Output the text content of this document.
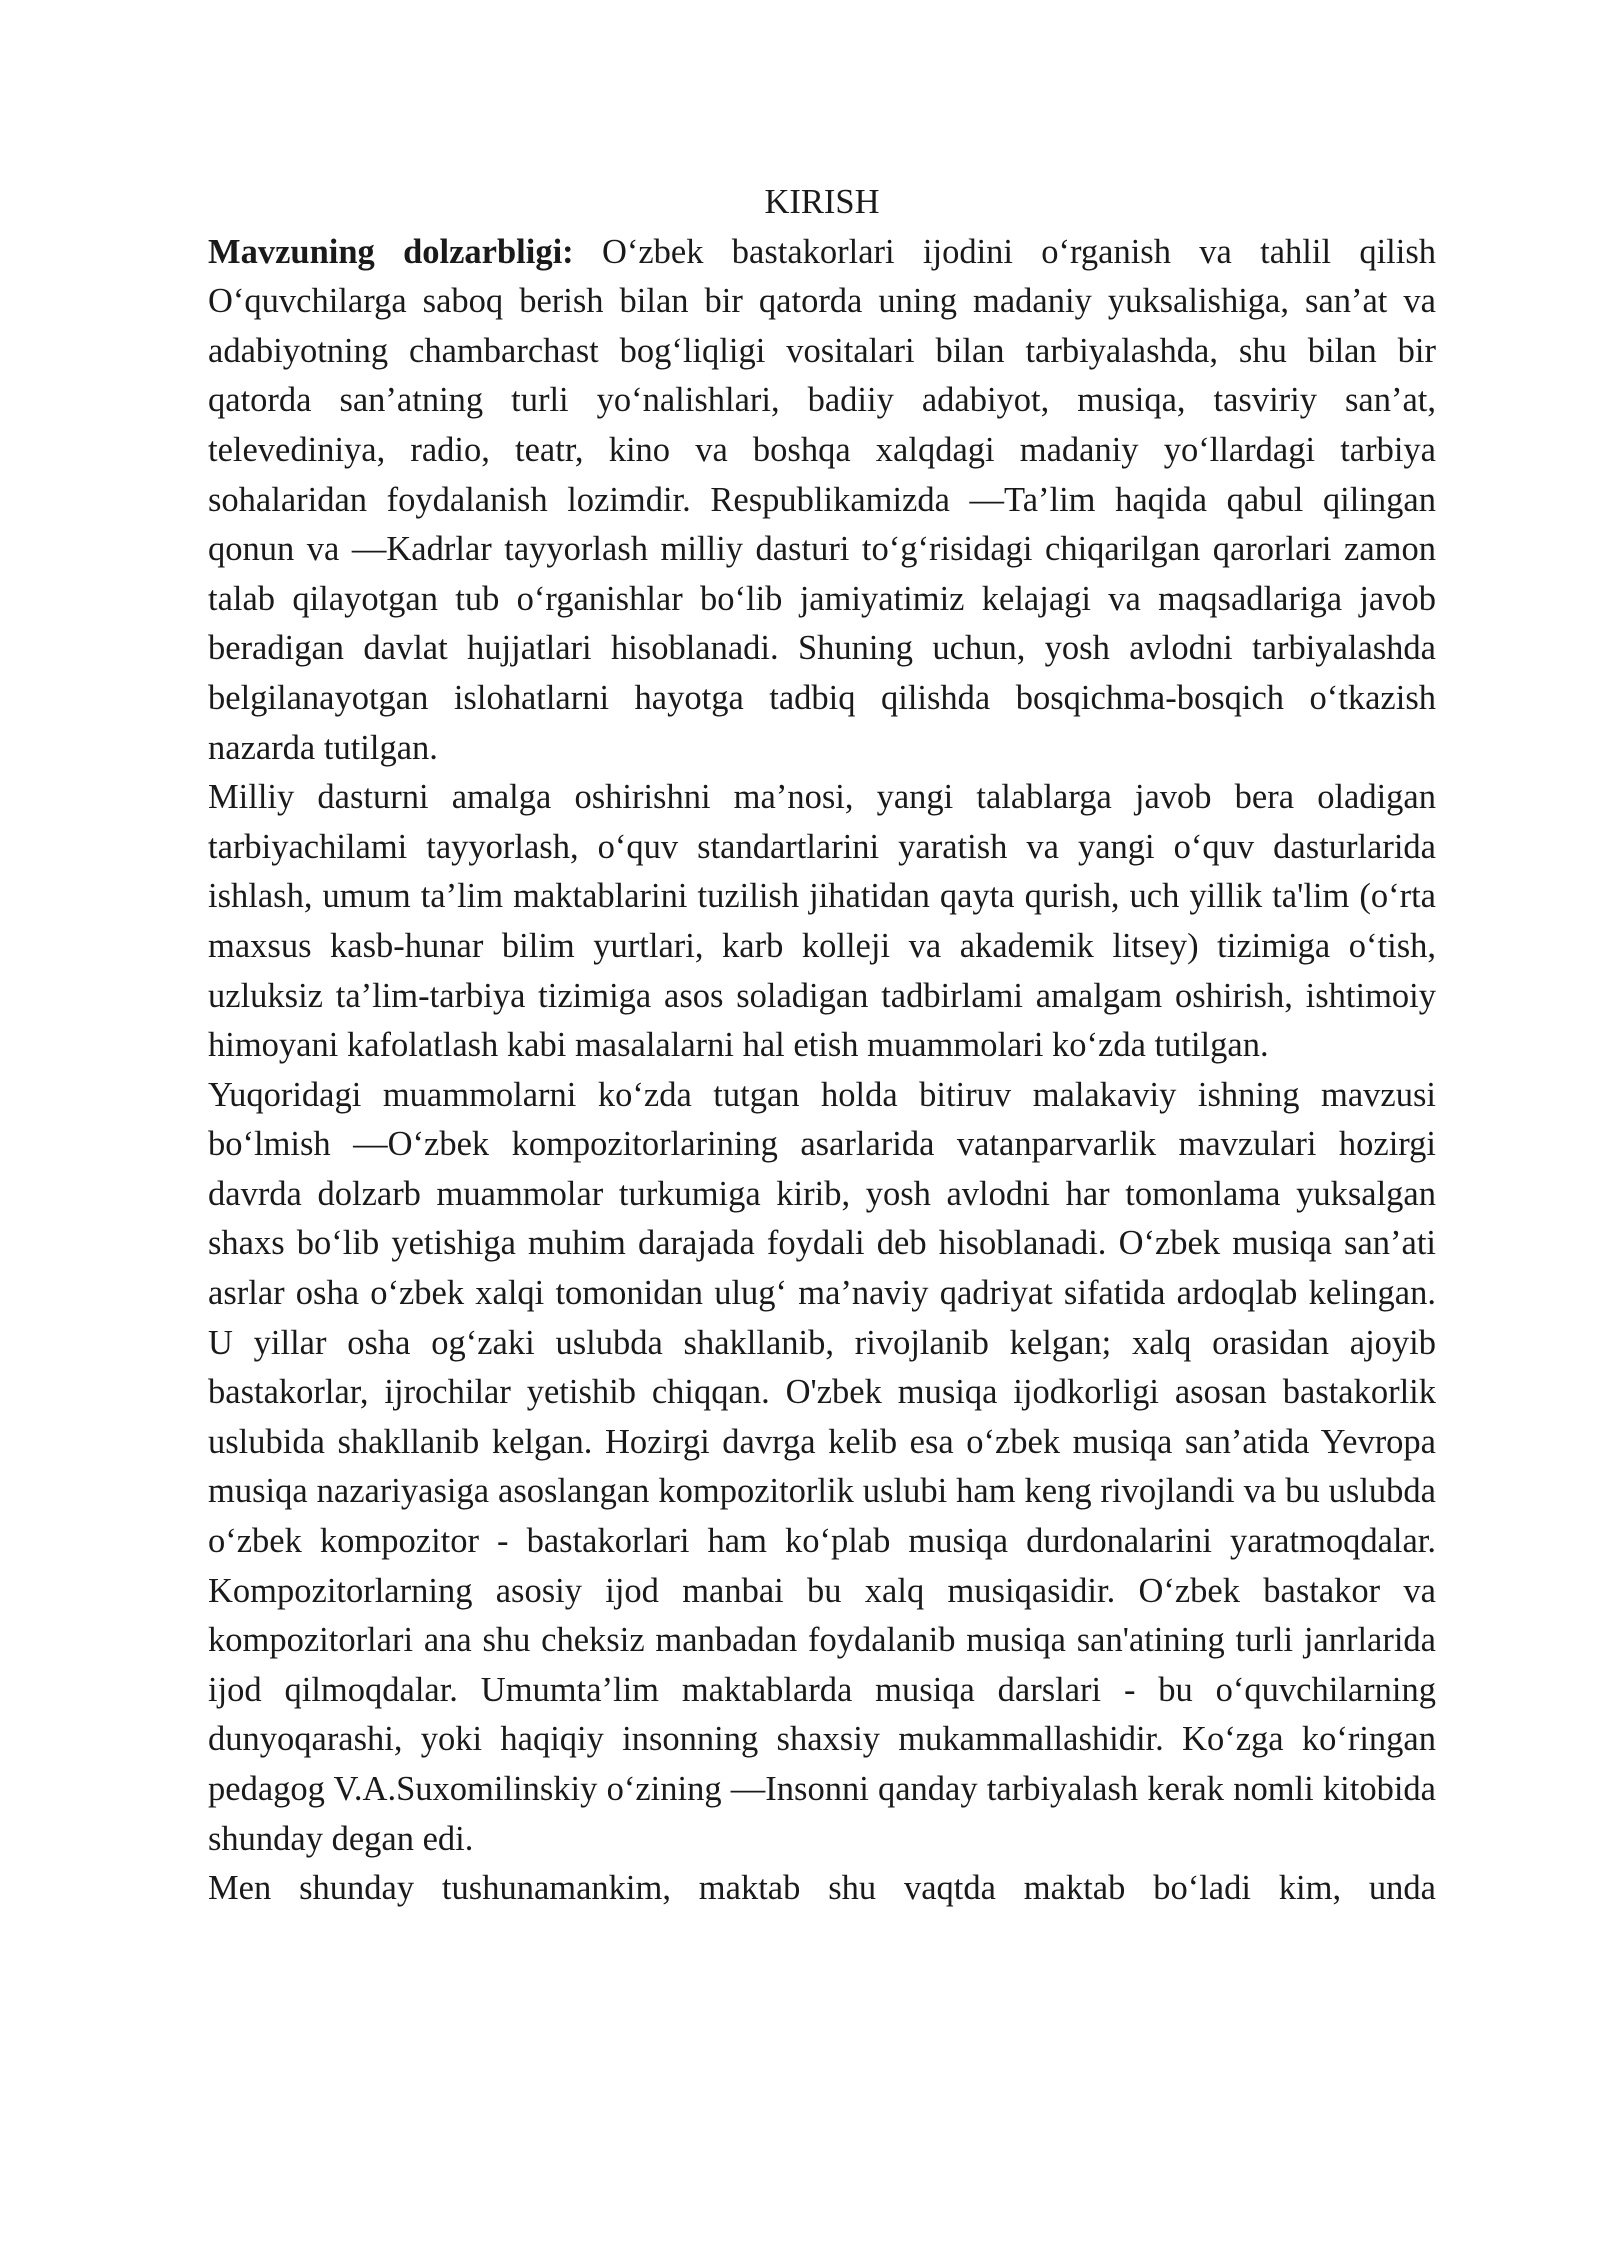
KIRISH

Mavzuning dolzarbligi: O‘zbek bastakorlari ijodini o‘rganish va tahlil qilish O‘quvchilarga saboq berish bilan bir qatorda uning madaniy yuksalishiga, san’at va adabiyotning chambarchast bog‘liqligi vositalari bilan tarbiyalashda, shu bilan bir qatorda san’atning turli yo‘nalishlari, badiiy adabiyot, musiqa, tasviriy san’at, televediniya, radio, teatr, kino va boshqa xalqdagi madaniy yo‘llardagi tarbiya sohalaridan foydalanish lozimdir. Respublikamizda —Ta’lim haqida qabul qilingan qonun va —Kadrlar tayyorlash milliy dasturi to‘g‘risidagi chiqarilgan qarorlari zamon talab qilayotgan tub o‘rganishlar bo‘lib jamiyatimiz kelajagi va maqsadlariga javob beradigan davlat hujjatlari hisoblanadi. Shuning uchun, yosh avlodni tarbiyalashda belgilanayotgan islohatlarni hayotga tadbiq qilishda bosqichma-bosqich o‘tkazish nazarda tutilgan.

Milliy dasturni amalga oshirishni ma’nosi, yangi talablarga javob bera oladigan tarbiyachilami tayyorlash, o‘quv standartlarini yaratish va yangi o‘quv dasturlarida ishlash, umum ta’lim maktablarini tuzilish jihatidan qayta qurish, uch yillik ta'lim (o‘rta maxsus kasb-hunar bilim yurtlari, karb kolleji va akademik litsey) tizimiga o‘tish, uzluksiz ta’lim-tarbiya tizimiga asos soladigan tadbirlami amalgam oshirish, ishtimoiy himoyani kafolatlash kabi masalalarni hal etish muammolari ko‘zda tutilgan.

Yuqoridagi muammolarni ko‘zda tutgan holda bitiruv malakaviy ishning mavzusi bo‘lmish —O‘zbek kompozitorlarining asarlarida vatanparvarlik mavzulari hozirgi davrda dolzarb muammolar turkumiga kirib, yosh avlodni har tomonlama yuksalgan shaxs bo‘lib yetishiga muhim darajada foydali deb hisoblanadi. O‘zbek musiqa san’ati asrlar osha o‘zbek xalqi tomonidan ulug‘ ma’naviy qadriyat sifatida ardoqlab kelingan. U yillar osha og‘zaki uslubda shakllanib, rivojlanib kelgan; xalq orasidan ajoyib bastakorlar, ijrochilar yetishib chiqqan. O'zbek musiqa ijodkorligi asosan bastakorlik uslubida shakllanib kelgan. Hozirgi davrga kelib esa o‘zbek musiqa san’atida Yevropa musiqa nazariyasiga asoslangan kompozitorlik uslubi ham keng rivojlandi va bu uslubda o‘zbek kompozitor - bastakorlari ham ko‘plab musiqa durdonalarini yaratmoqdalar. Kompozitorlarning asosiy ijod manbai bu xalq musiqasidir. O‘zbek bastakor va kompozitorlari ana shu cheksiz manbadan foydalanib musiqa san'atining turli janrlarida ijod qilmoqdalar. Umumta’lim maktablarda musiqa darslari - bu o‘quvchilarning dunyoqarashi, yoki haqiqiy insonning shaxsiy mukammallashidir. Ko‘zga ko‘ringan pedagog V.A.Suxomilinskiy o‘zining —Insonni qanday tarbiyalash kerak nomli kitobida shunday degan edi.

Men shunday tushunamankim, maktab shu vaqtda maktab bo‘ladi kim, unda
